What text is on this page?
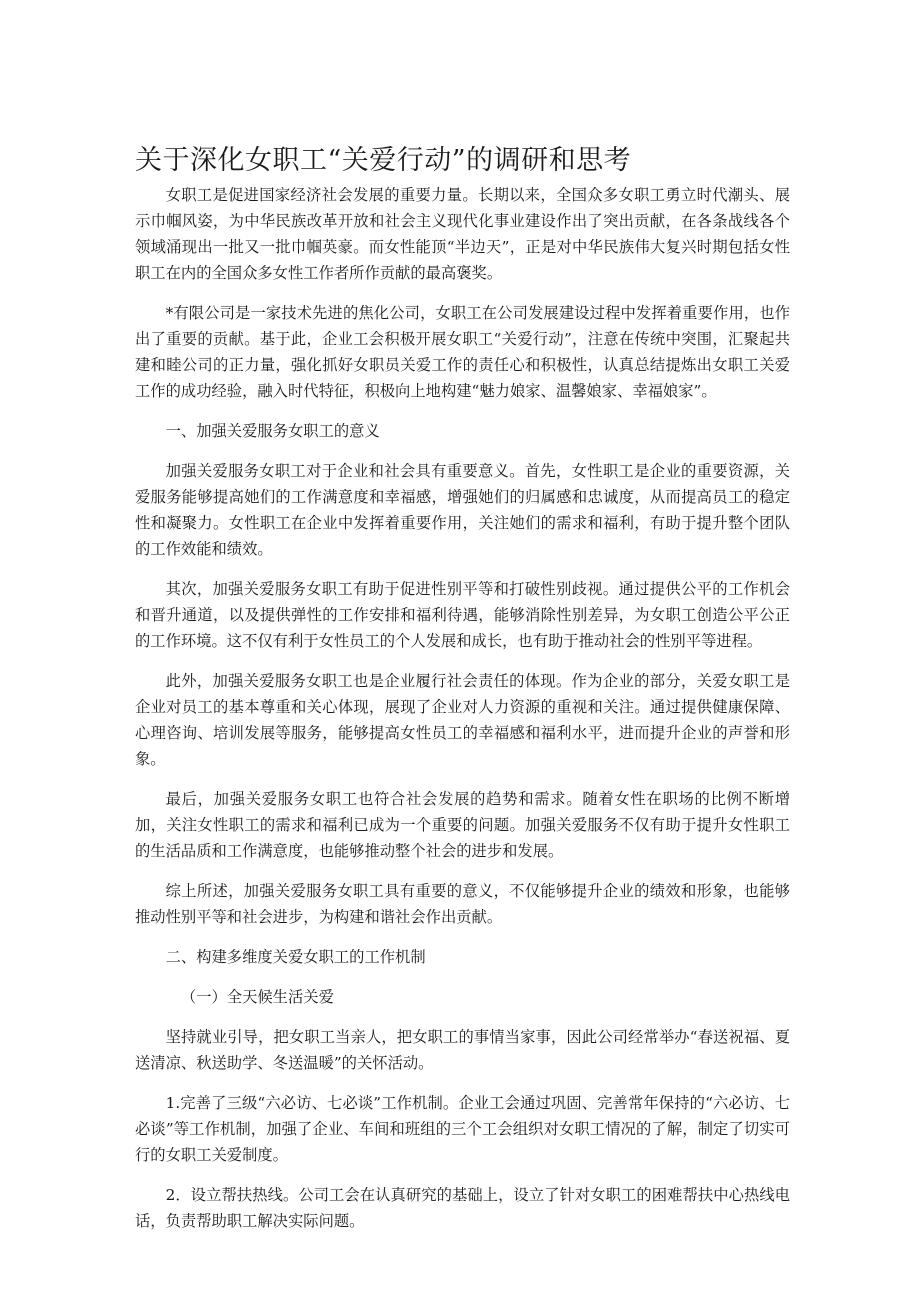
关于深化女职工“关爱行动”的调研和思考

女职工是促进国家经济社会发展的重要力量。长期以来，全国众多女职工勇立时代潮头、展示巾帼风姿，为中华民族改革开放和社会主义现代化事业建设作出了突出贡献，在各条战线各个领域涌现出一批又一批巾帼英豪。而女性能顶“半边天”，正是对中华民族伟大复兴时期包括女性职工在内的全国众多女性工作者所作贡献的最高褒奖。

*有限公司是一家技术先进的焦化公司，女职工在公司发展建设过程中发挥着重要作用，也作出了重要的贡献。基于此，企业工会积极开展女职工“关爱行动”，注意在传统中突围，汇聚起共建和睦公司的正力量，强化抓好女职员关爱工作的责任心和积极性，认真总结提炼出女职工关爱工作的成功经验，融入时代特征，积极向上地构建“魅力娘家、温馨娘家、幸福娘家”。

一、加强关爱服务女职工的意义

加强关爱服务女职工对于企业和社会具有重要意义。首先，女性职工是企业的重要资源，关爱服务能够提高她们的工作满意度和幸福感，增强她们的归属感和忠诚度，从而提高员工的稳定性和凝聚力。女性职工在企业中发挥着重要作用，关注她们的需求和福利，有助于提升整个团队的工作效能和绩效。

其次，加强关爱服务女职工有助于促进性别平等和打破性别歧视。通过提供公平的工作机会和晋升通道，以及提供弹性的工作安排和福利待遇，能够消除性别差异，为女职工创造公平公正的工作环境。这不仅有利于女性员工的个人发展和成长，也有助于推动社会的性别平等进程。

此外，加强关爱服务女职工也是企业履行社会责任的体现。作为企业的部分，关爱女职工是企业对员工的基本尊重和关心体现，展现了企业对人力资源的重视和关注。通过提供健康保障、心理咨询、培训发展等服务，能够提高女性员工的幸福感和福利水平，进而提升企业的声誉和形象。

最后，加强关爱服务女职工也符合社会发展的趋势和需求。随着女性在职场的比例不断增加，关注女性职工的需求和福利已成为一个重要的问题。加强关爱服务不仅有助于提升女性职工的生活品质和工作满意度，也能够推动整个社会的进步和发展。

综上所述，加强关爱服务女职工具有重要的意义，不仅能够提升企业的绩效和形象，也能够推动性别平等和社会进步，为构建和谐社会作出贡献。

二、构建多维度关爱女职工的工作机制

（一）全天候生活关爱

坚持就业引导，把女职工当亲人，把女职工的事情当家事，因此公司经常举办“春送祝福、夏送清凉、秋送助学、冬送温暖”的关怀活动。

1.完善了三级“六必访、七必谈”工作机制。企业工会通过巩固、完善常年保持的“六必访、七必谈”等工作机制，加强了企业、车间和班组的三个工会组织对女职工情况的了解，制定了切实可行的女职工关爱制度。

2．设立帮扶热线。公司工会在认真研究的基础上，设立了针对女职工的困难帮扶中心热线电话，负责帮助职工解决实际问题。
